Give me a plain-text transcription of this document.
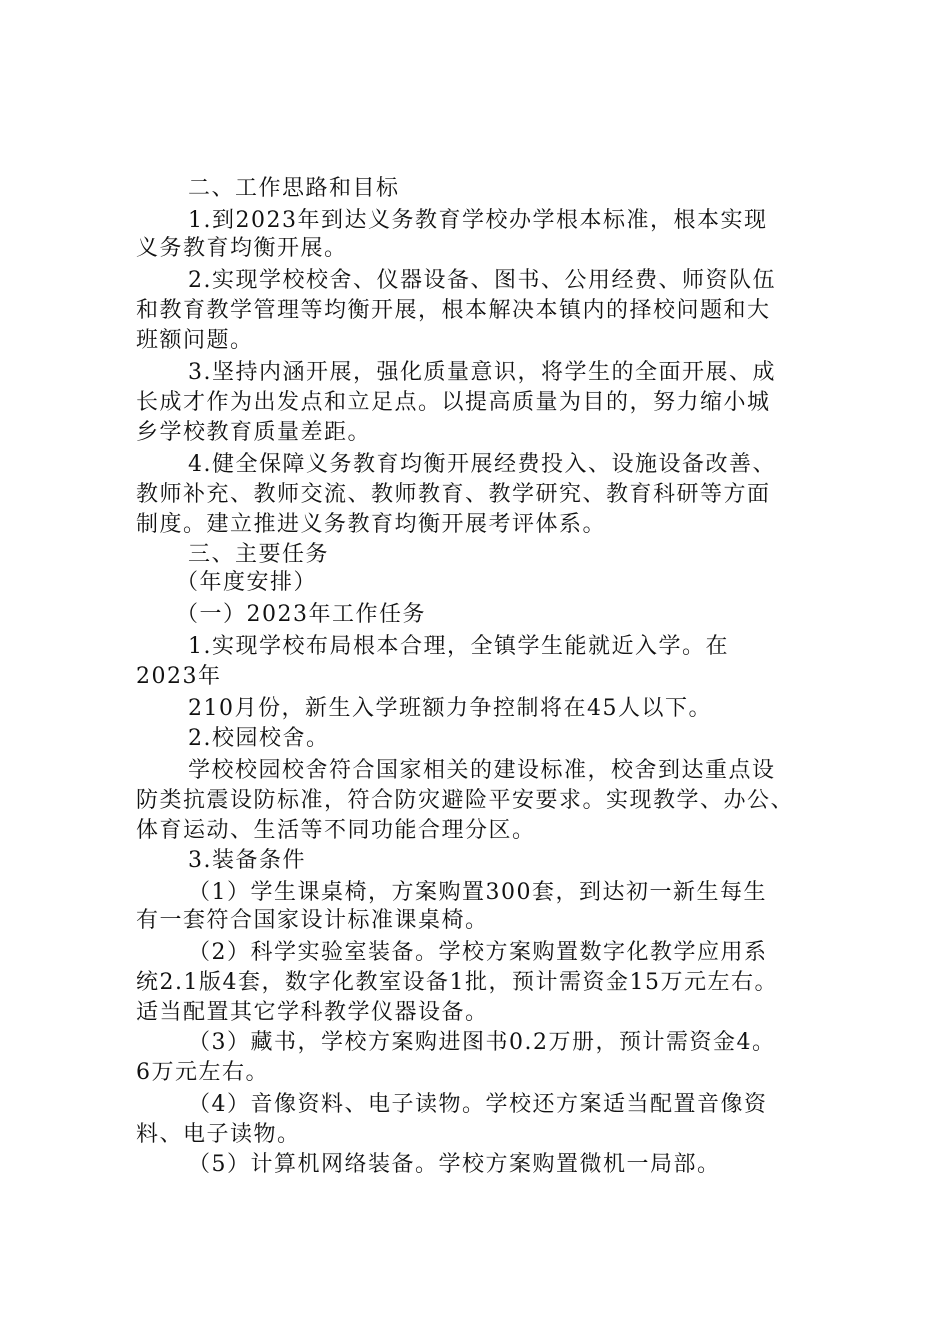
二、工作思路和目标
1.到2023年到达义务教育学校办学根本标准，根本实现
义务教育均衡开展。
2.实现学校校舍、仪器设备、图书、公用经费、师资队伍
和教育教学管理等均衡开展，根本解决本镇内的择校问题和大
班额问题。
3.坚持内涵开展，强化质量意识，将学生的全面开展、成
长成才作为出发点和立足点。以提高质量为目的，努力缩小城
乡学校教育质量差距。
4.健全保障义务教育均衡开展经费投入、设施设备改善、
教师补充、教师交流、教师教育、教学研究、教育科研等方面
制度。建立推进义务教育均衡开展考评体系。
三、主要任务
（年度安排）
（一）2023年工作任务
1.实现学校布局根本合理，全镇学生能就近入学。在
2023年
210月份，新生入学班额力争控制将在45人以下。
2.校园校舍。
学校校园校舍符合国家相关的建设标准，校舍到达重点设
防类抗震设防标准，符合防灾避险平安要求。实现教学、办公、
体育运动、生活等不同功能合理分区。
3.装备条件
（1）学生课桌椅，方案购置300套，到达初一新生每生
有一套符合国家设计标准课桌椅。
（2）科学实验室装备。学校方案购置数字化教学应用系
统2.1版4套，数字化教室设备1批，预计需资金15万元左右。
适当配置其它学科教学仪器设备。
（3）藏书，学校方案购进图书0.2万册，预计需资金4。
6万元左右。
（4）音像资料、电子读物。学校还方案适当配置音像资
料、电子读物。
（5）计算机网络装备。学校方案购置微机一局部。
